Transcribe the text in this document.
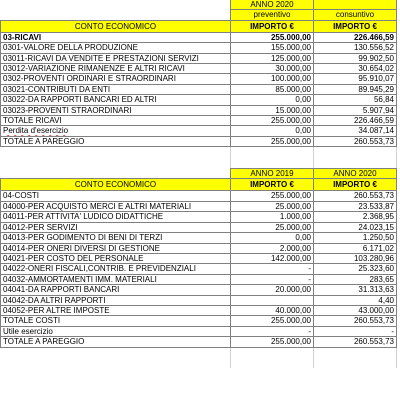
	ANNO 2020	
	preventivo	consuntivo
CONTO ECONOMICO	IMPORTO €	IMPORTO €
03-RICAVI	255.000,00	226.466,59
0301-VALORE DELLA PRODUZIONE	155.000,00	130.556,52
03011-RICAVI DA VENDITE E PRESTAZIONI SERVIZI	125.000,00	99.902,50
03012-VARIAZIONE RIMANENZE E ALTRI RICAVI	30.000,00	30.654,02
0302-PROVENTI ORDINARI E STRAORDINARI	100.000,00	95.910,07
03021-CONTRIBUTI DA ENTI	85.000,00	89.945,29
03022-DA RAPPORTI BANCARI ED ALTRI	0,00	56,84
03023-PROVENTI STRAORDINARI	15.000,00	5.907,94
TOTALE RICAVI	255.000,00	226.466,59
Perdita d'esercizio	0,00	34.087,14
TOTALE A PAREGGIO	255.000,00	260.553,73

	ANNO 2019	ANNO 2020
CONTO ECONOMICO	IMPORTO €	IMPORTO €
04-COSTI	255.000,00	260.553,73
04000-PER ACQUISTO MERCI E ALTRI MATERIALI	25.000,00	23.533,87
04011-PER ATTIVITA' LUDICO DIDATTICHE	1.000,00	2.368,95
04012-PER SERVIZI	25.000,00	24.023,15
04013-PER GODIMENTO DI BENI DI TERZI	0,00	1.250,50
04014-PER ONERI DIVERSI DI GESTIONE	2.000,00	6.171,02
04021-PER COSTO DEL PERSONALE	142.000,00	103.280,96
04022-ONERI FISCALI,CONTRIB. E PREVIDENZIALI	-	25.323,60
04032-AMMORTAMENTI IMM. MATERIALI	-	283,65
04041-DA RAPPORTI BANCARI	20.000,00	31.313,63
04042-DA ALTRI RAPPORTI		4,40
04052-PER ALTRE IMPOSTE	40.000,00	43.000,00
TOTALE COSTI	255.000,00	260.553,73
Utile esercizio	-	-
TOTALE A PAREGGIO	255.000,00	260.553,73
